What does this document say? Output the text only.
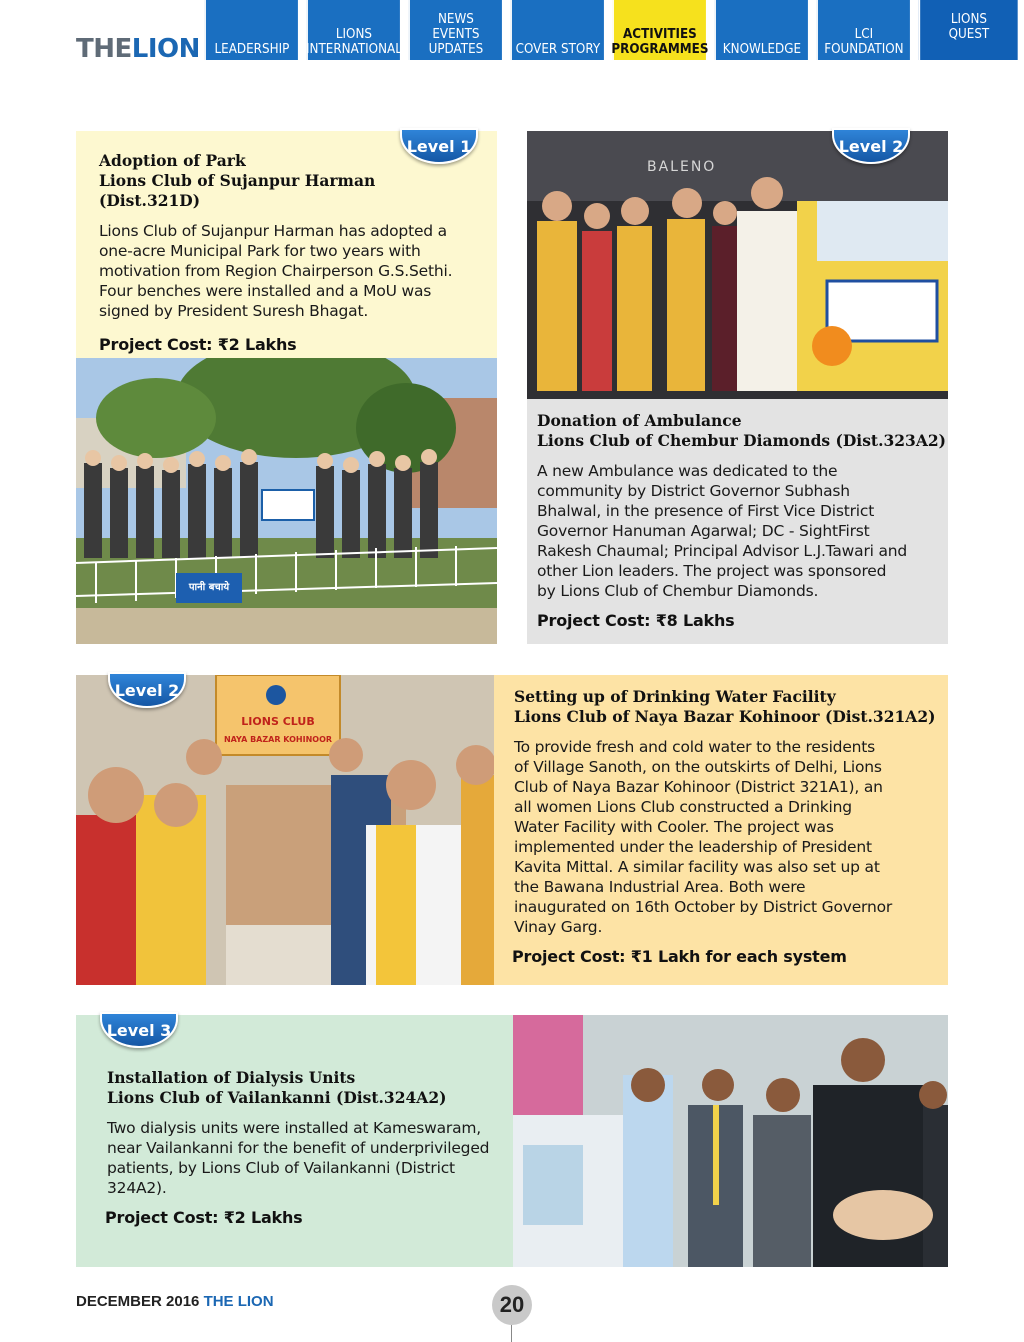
THELION LEADERSHIP
LIONS
INTERNATIONAL
NEWS
EVENTS
UPDATES COVER STORY
ACTIVITIES
PROGRAMMES KNOWLEDGE
LCI
FOUNDATION
LIONS
QUEST
Adoption of Park
Lions Club of Sujanpur Harman (Dist.321D)
Lions Club of Sujanpur Harman has adopted a one-acre Municipal Park for two years with motivation from Region Chairperson G.S.Sethi. Four benches were installed and a MoU was signed by President Suresh Bhagat.
Project Cost: ₹2 Lakhs
Level 1
पानी बचाये
BALENO
Level 2
Donation of Ambulance
Lions Club of Chembur Diamonds (Dist.323A2)
A new Ambulance was dedicated to the community by District Governor Subhash Bhalwal, in the presence of First Vice District Governor Hanuman Agarwal; DC - SightFirst Rakesh Chaumal; Principal Advisor L.J.Tawari and other Lion leaders. The project was sponsored by Lions Club of Chembur Diamonds.
Project Cost: ₹8 Lakhs
LIONS CLUB
NAYA BAZAR KOHINOOR
Level 2	Setting up of Drinking Water Facility
Lions Club of Naya Bazar Kohinoor (Dist.321A2)
To provide fresh and cold water to the residents of Village Sanoth, on the outskirts of Delhi, Lions Club of Naya Bazar Kohinoor (District 321A1), an all women Lions Club constructed a Drinking Water Facility with Cooler. The project was implemented under the leadership of President Kavita Mittal. A similar facility was also set up at the Bawana Industrial Area. Both were inaugurated on 16th October by District Governor Vinay Garg.
Project Cost: ₹1 Lakh for each system
Installation of Dialysis Units
Lions Club of Vailankanni (Dist.324A2)
Two dialysis units were installed at Kameswaram, near Vailankanni for the benefit of underprivileged patients, by Lions Club of Vailankanni (District 324A2).
Project Cost: ₹2 Lakhs
Level 3
DECEMBER 2016 THE LION	20
